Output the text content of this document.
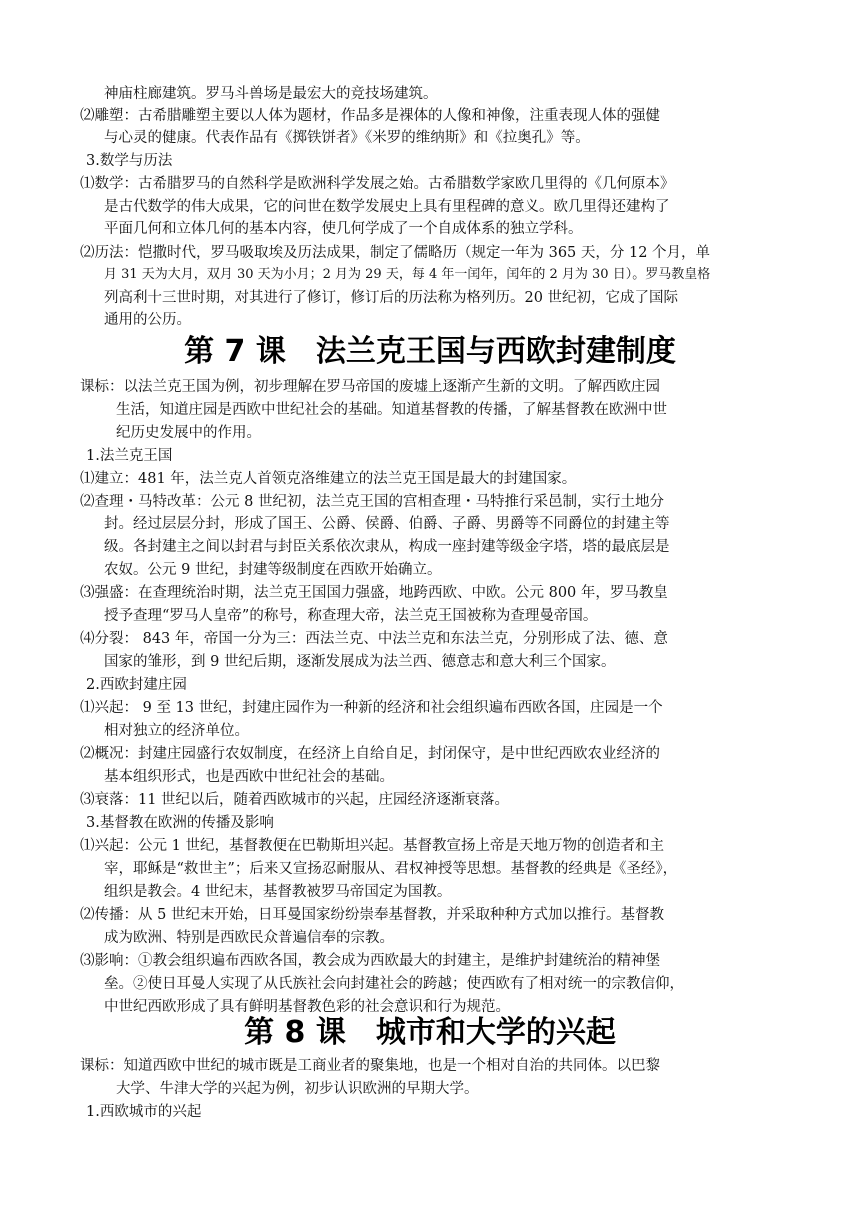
神庙柱廊建筑。罗马斗兽场是最宏大的竞技场建筑。
⑵雕塑：古希腊雕塑主要以人体为题材，作品多是裸体的人像和神像，注重表现人体的强健
与心灵的健康。代表作品有《掷铁饼者》《米罗的维纳斯》和《拉奥孔》等。
3.数学与历法
⑴数学：古希腊罗马的自然科学是欧洲科学发展之始。古希腊数学家欧几里得的《几何原本》
是古代数学的伟大成果，它的问世在数学发展史上具有里程碑的意义。欧几里得还建构了
平面几何和立体几何的基本内容，使几何学成了一个自成体系的独立学科。
⑵历法：恺撒时代，罗马吸取埃及历法成果，制定了儒略历（规定一年为 365 天，分 12 个月，单
月 31 天为大月，双月 30 天为小月；2 月为 29 天，每 4 年一闰年，闰年的 2 月为 30 日）。罗马教皇格
列高利十三世时期，对其进行了修订，修订后的历法称为格列历。20 世纪初，它成了国际
通用的公历。
第 7 课　法兰克王国与西欧封建制度
课标：以法兰克王国为例，初步理解在罗马帝国的废墟上逐渐产生新的文明。了解西欧庄园
生活，知道庄园是西欧中世纪社会的基础。知道基督教的传播，了解基督教在欧洲中世
纪历史发展中的作用。
1.法兰克王国
⑴建立：481 年，法兰克人首领克洛维建立的法兰克王国是最大的封建国家。
⑵查理・马特改革：公元 8 世纪初，法兰克王国的宫相查理・马特推行采邑制，实行土地分
封。经过层层分封，形成了国王、公爵、侯爵、伯爵、子爵、男爵等不同爵位的封建主等
级。各封建主之间以封君与封臣关系依次隶从，构成一座封建等级金字塔，塔的最底层是
农奴。公元 9 世纪，封建等级制度在西欧开始确立。
⑶强盛：在查理统治时期，法兰克王国国力强盛，地跨西欧、中欧。公元 800 年，罗马教皇
授予查理“罗马人皇帝”的称号，称查理大帝，法兰克王国被称为查理曼帝国。
⑷分裂： 843 年，帝国一分为三：西法兰克、中法兰克和东法兰克，分别形成了法、德、意
国家的雏形，到 9 世纪后期，逐渐发展成为法兰西、德意志和意大利三个国家。
2.西欧封建庄园
⑴兴起： 9 至 13 世纪，封建庄园作为一种新的经济和社会组织遍布西欧各国，庄园是一个
相对独立的经济单位。
⑵概况：封建庄园盛行农奴制度，在经济上自给自足，封闭保守，是中世纪西欧农业经济的
基本组织形式，也是西欧中世纪社会的基础。
⑶衰落：11 世纪以后，随着西欧城市的兴起，庄园经济逐渐衰落。
3.基督教在欧洲的传播及影响
⑴兴起：公元 1 世纪，基督教便在巴勒斯坦兴起。基督教宣扬上帝是天地万物的创造者和主
宰，耶稣是“救世主”；后来又宣扬忍耐服从、君权神授等思想。基督教的经典是《圣经》，
组织是教会。4 世纪末，基督教被罗马帝国定为国教。
⑵传播：从 5 世纪末开始，日耳曼国家纷纷崇奉基督教，并采取种种方式加以推行。基督教
成为欧洲、特别是西欧民众普遍信奉的宗教。
⑶影响：①教会组织遍布西欧各国，教会成为西欧最大的封建主，是维护封建统治的精神堡
垒。②使日耳曼人实现了从氏族社会向封建社会的跨越；使西欧有了相对统一的宗教信仰，
中世纪西欧形成了具有鲜明基督教色彩的社会意识和行为规范。
第 8 课　城市和大学的兴起
课标：知道西欧中世纪的城市既是工商业者的聚集地，也是一个相对自治的共同体。以巴黎
大学、牛津大学的兴起为例，初步认识欧洲的早期大学。
1.西欧城市的兴起
